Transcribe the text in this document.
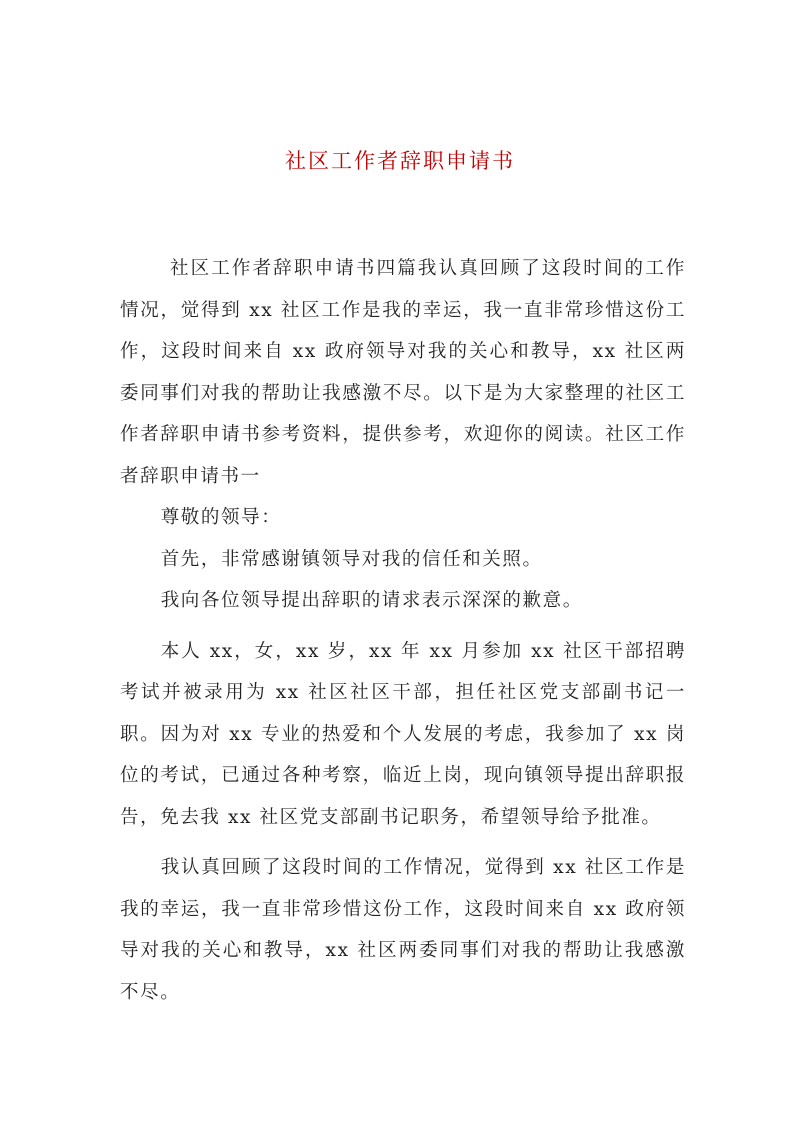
社区工作者辞职申请书

社区工作者辞职申请书四篇我认真回顾了这段时间的工作情况，觉得到 xx 社区工作是我的幸运，我一直非常珍惜这份工作，这段时间来自 xx 政府领导对我的关心和教导，xx 社区两委同事们对我的帮助让我感激不尽。以下是为大家整理的社区工作者辞职申请书参考资料，提供参考，欢迎你的阅读。社区工作者辞职申请书一

尊敬的领导：

首先，非常感谢镇领导对我的信任和关照。

我向各位领导提出辞职的请求表示深深的歉意。

本人 xx，女，xx 岁，xx 年 xx 月参加 xx 社区干部招聘考试并被录用为 xx 社区社区干部，担任社区党支部副书记一职。因为对 xx 专业的热爱和个人发展的考虑，我参加了 xx 岗位的考试，已通过各种考察，临近上岗，现向镇领导提出辞职报告，免去我 xx 社区党支部副书记职务，希望领导给予批准。

我认真回顾了这段时间的工作情况，觉得到 xx 社区工作是我的幸运，我一直非常珍惜这份工作，这段时间来自 xx 政府领导对我的关心和教导，xx 社区两委同事们对我的帮助让我感激不尽。
